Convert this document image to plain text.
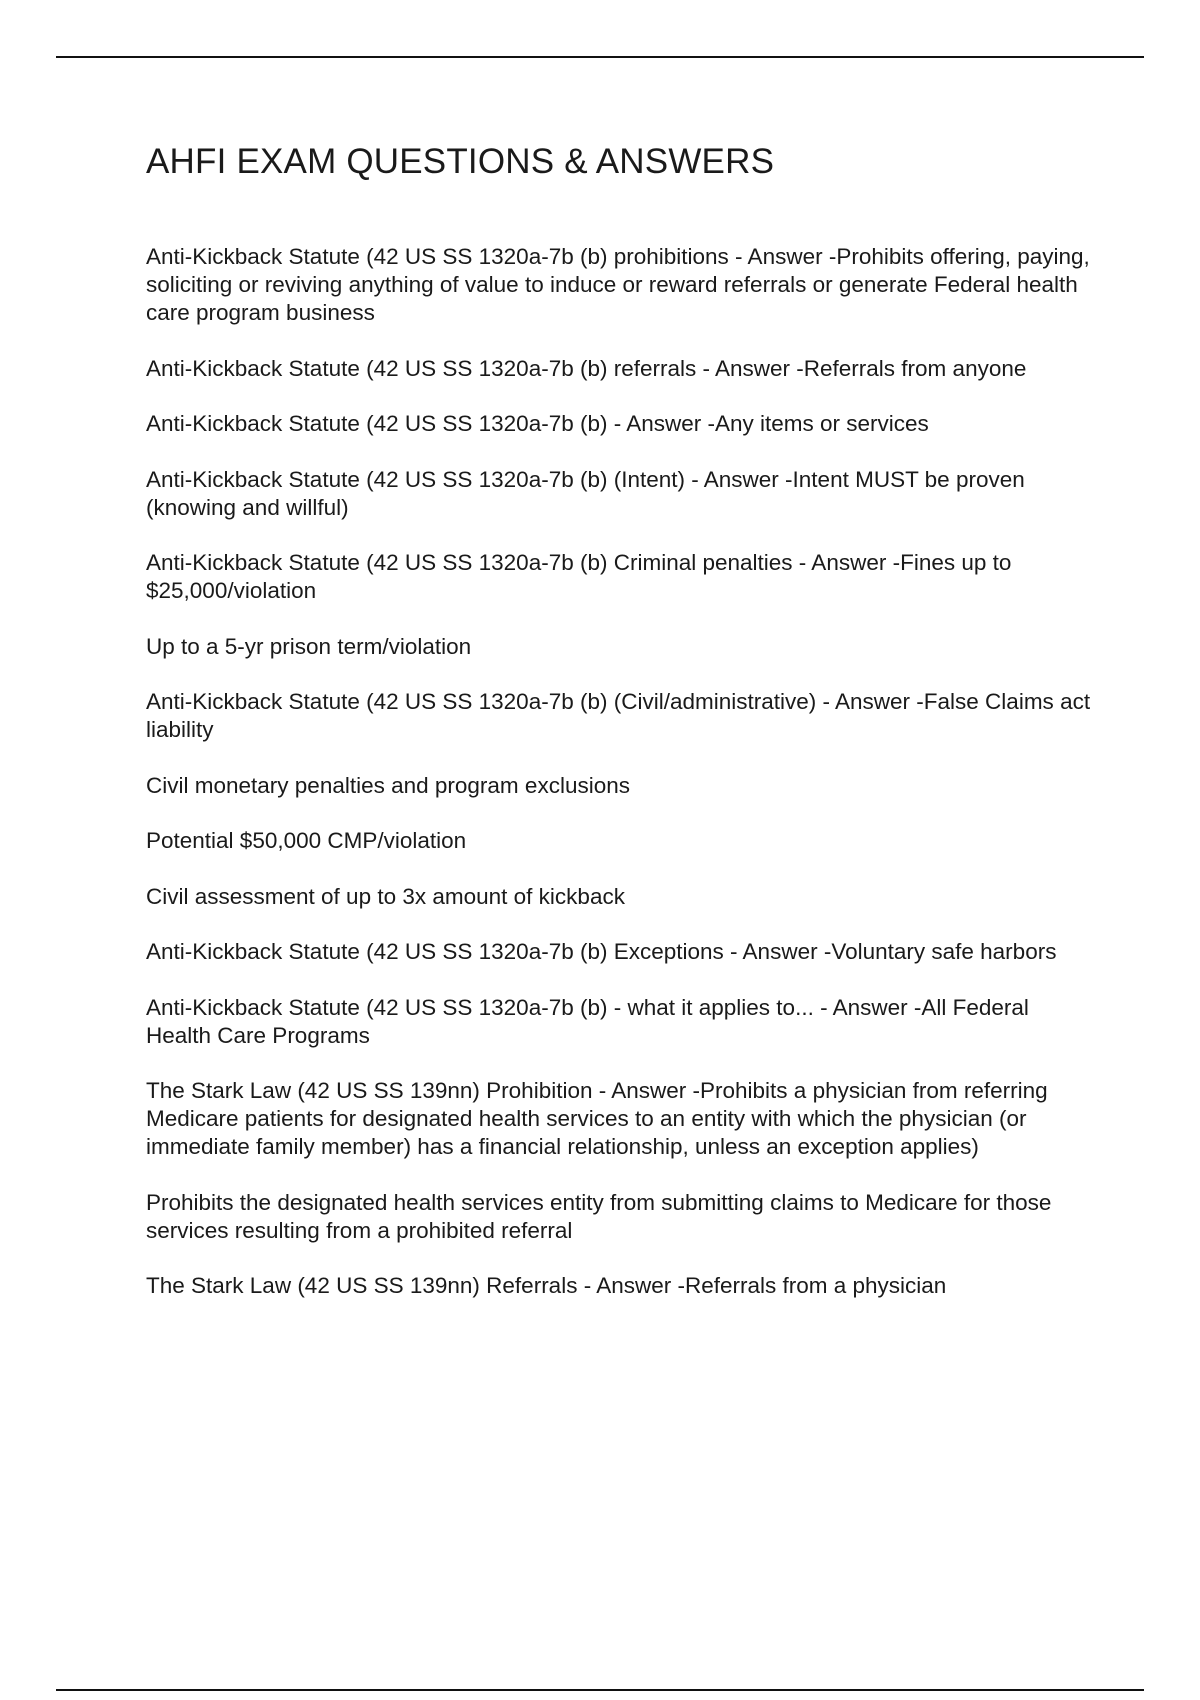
AHFI EXAM QUESTIONS & ANSWERS

Anti-Kickback Statute (42 US SS 1320a-7b (b) prohibitions - Answer -Prohibits offering, paying, soliciting or reviving anything of value to induce or reward referrals or generate Federal health care program business

Anti-Kickback Statute (42 US SS 1320a-7b (b) referrals - Answer -Referrals from anyone

Anti-Kickback Statute (42 US SS 1320a-7b (b) - Answer -Any items or services

Anti-Kickback Statute (42 US SS 1320a-7b (b) (Intent) - Answer -Intent MUST be proven (knowing and willful)

Anti-Kickback Statute (42 US SS 1320a-7b (b) Criminal penalties - Answer -Fines up to $25,000/violation

Up to a 5-yr prison term/violation

Anti-Kickback Statute (42 US SS 1320a-7b (b) (Civil/administrative) - Answer -False Claims act liability

Civil monetary penalties and program exclusions

Potential $50,000 CMP/violation

Civil assessment of up to 3x amount of kickback

Anti-Kickback Statute (42 US SS 1320a-7b (b) Exceptions - Answer -Voluntary safe harbors

Anti-Kickback Statute (42 US SS 1320a-7b (b) - what it applies to... - Answer -All Federal Health Care Programs

The Stark Law (42 US SS 139nn) Prohibition - Answer -Prohibits a physician from referring Medicare patients for designated health services to an entity with which the physician (or immediate family member) has a financial relationship, unless an exception applies)

Prohibits the designated health services entity from submitting claims to Medicare for those services resulting from a prohibited referral

The Stark Law (42 US SS 139nn) Referrals - Answer -Referrals from a physician
